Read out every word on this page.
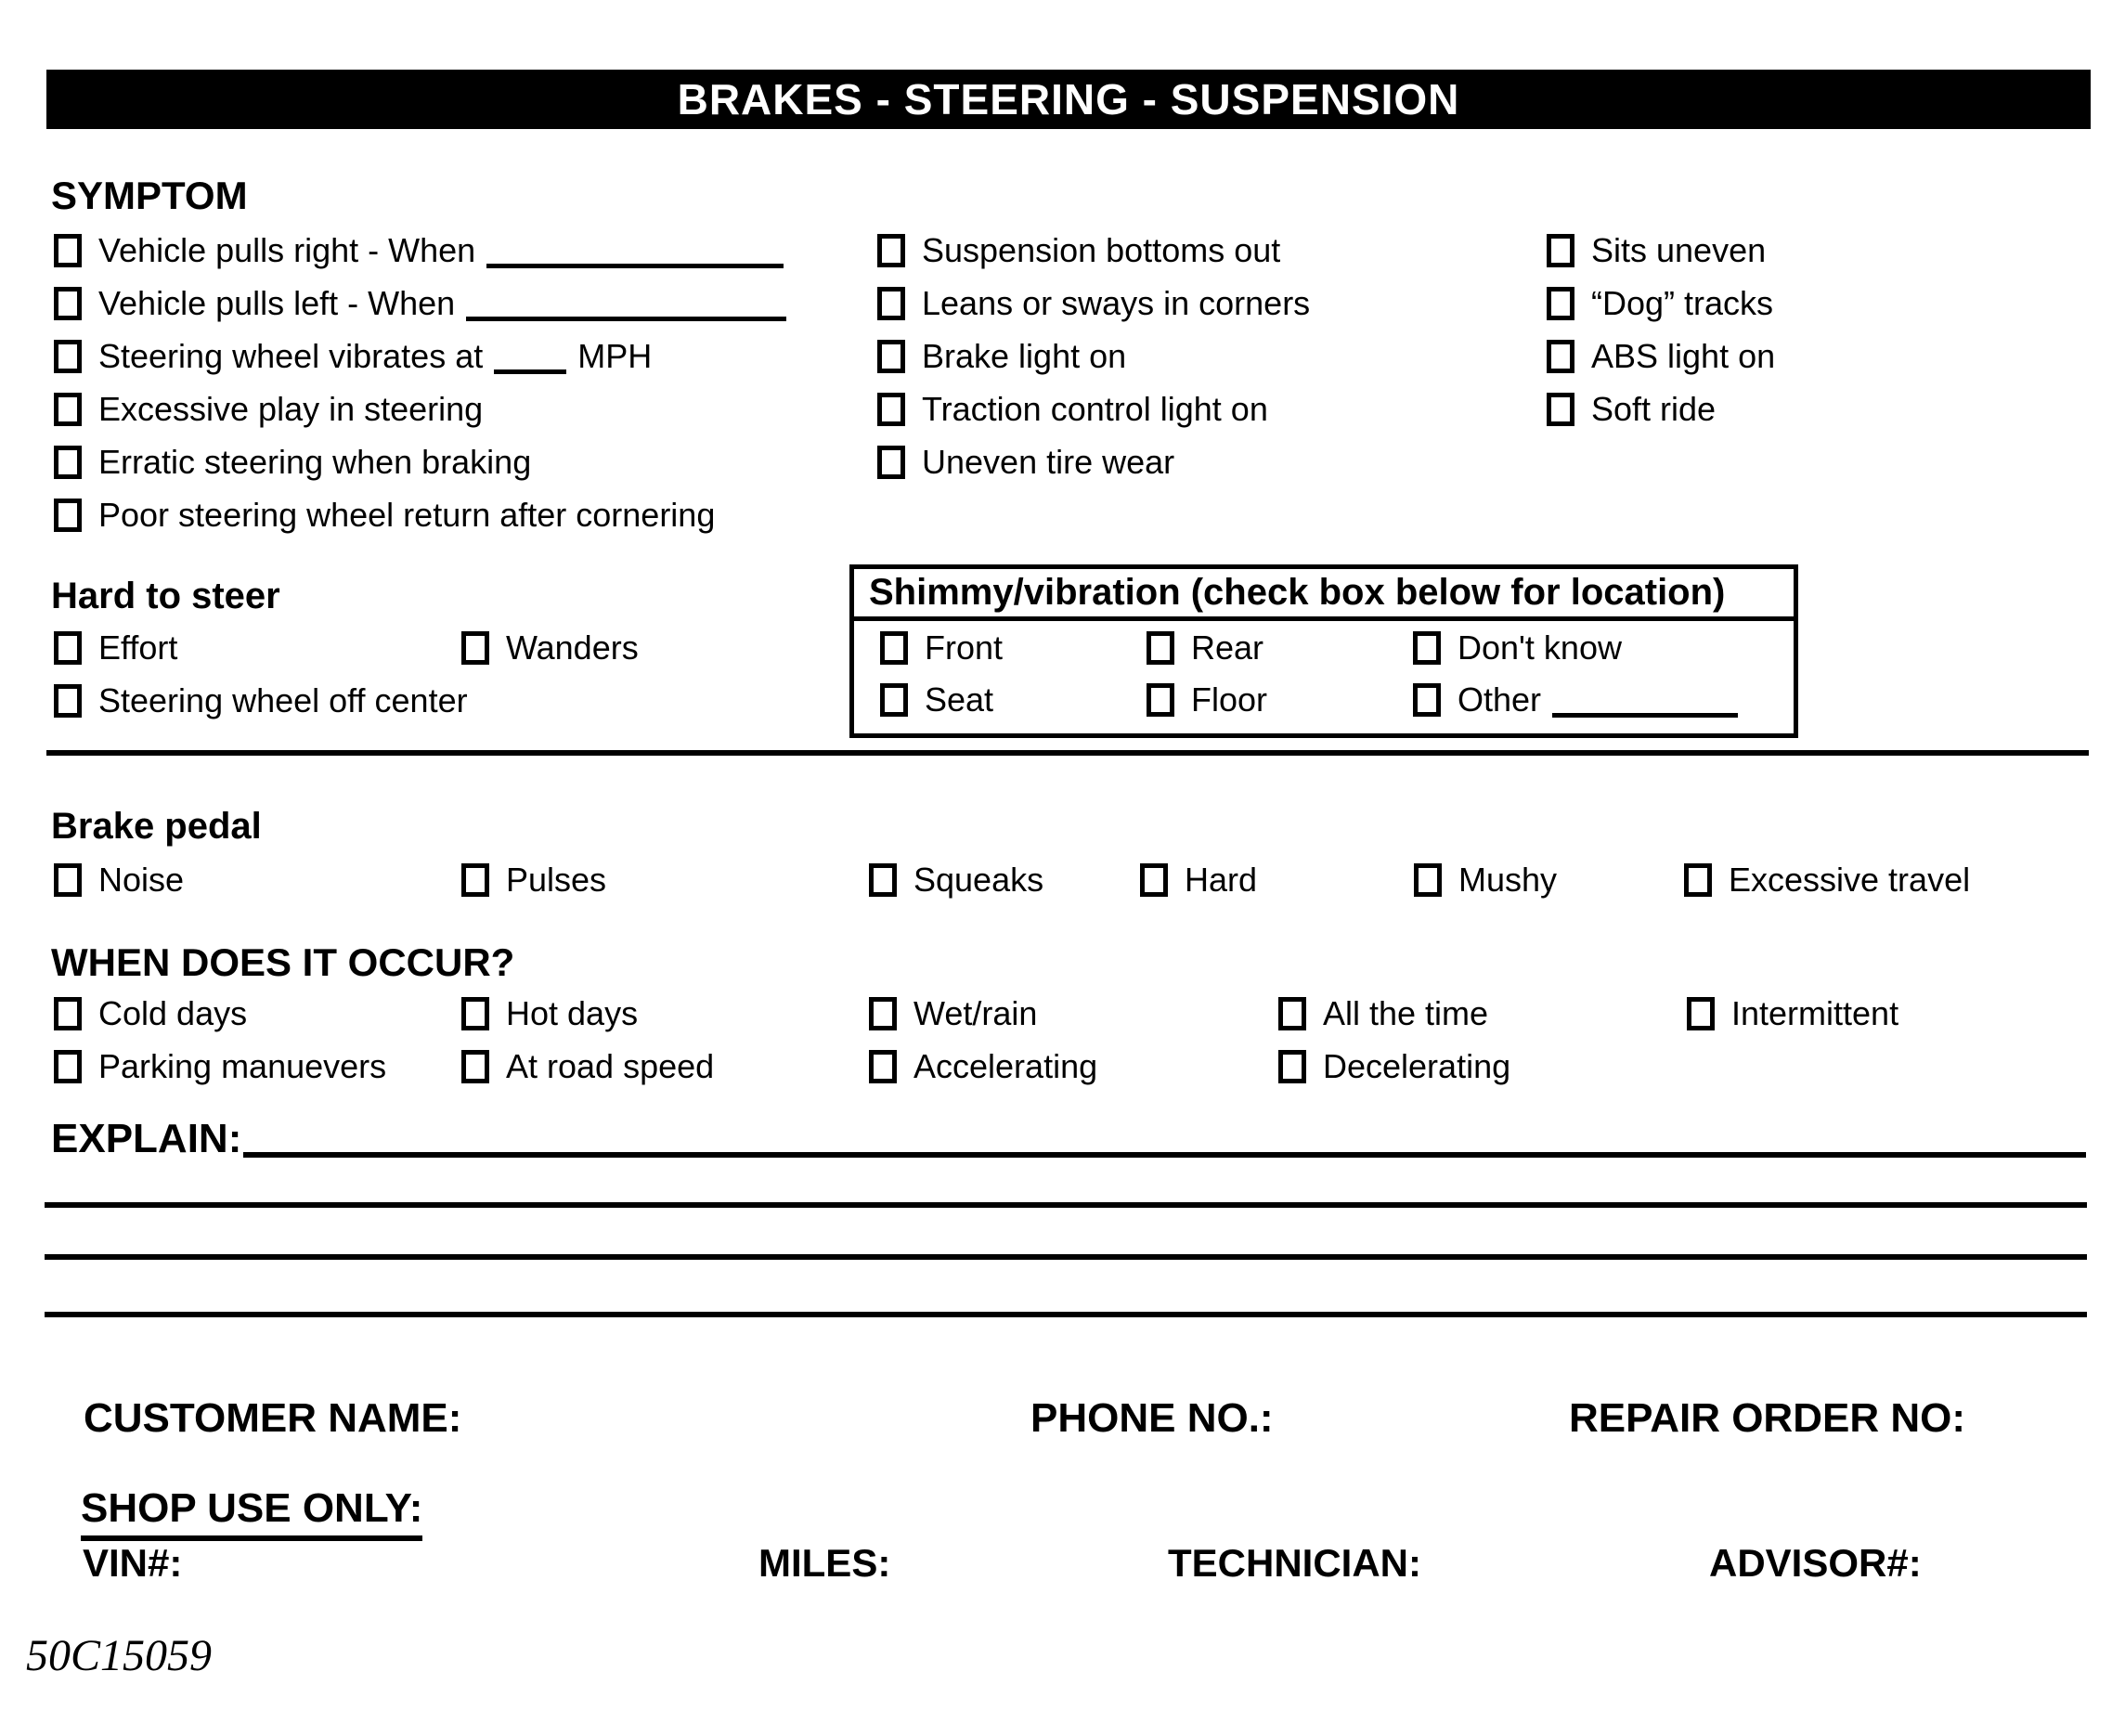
BRAKES - STEERING - SUSPENSION
SYMPTOM
Vehicle pulls right - When
Vehicle pulls left - When
Steering wheel vibrates at	MPH
Excessive play in steering
Erratic steering when braking
Poor steering wheel return after cornering
Suspension bottoms out
Leans or sways in corners
Brake light on
Traction control light on
Uneven tire wear
Sits uneven
“Dog” tracks
ABS light on
Soft ride
Hard to steer
Effort	Wanders
Steering wheel off center
Shimmy/vibration (check box below for location)
Front	Rear	Don't know
Seat	Floor	Other
Brake pedal
Noise	Pulses	Squeaks	Hard	Mushy	Excessive travel
WHEN DOES IT OCCUR?
Cold days	Hot days	Wet/rain	All the time	Intermittent
Parking manuevers	At road speed	Accelerating	Decelerating
EXPLAIN:
CUSTOMER NAME:	PHONE NO.:	REPAIR ORDER NO:
SHOP USE ONLY:
VIN#:	MILES:	TECHNICIAN:	ADVISOR#:
50C15059
